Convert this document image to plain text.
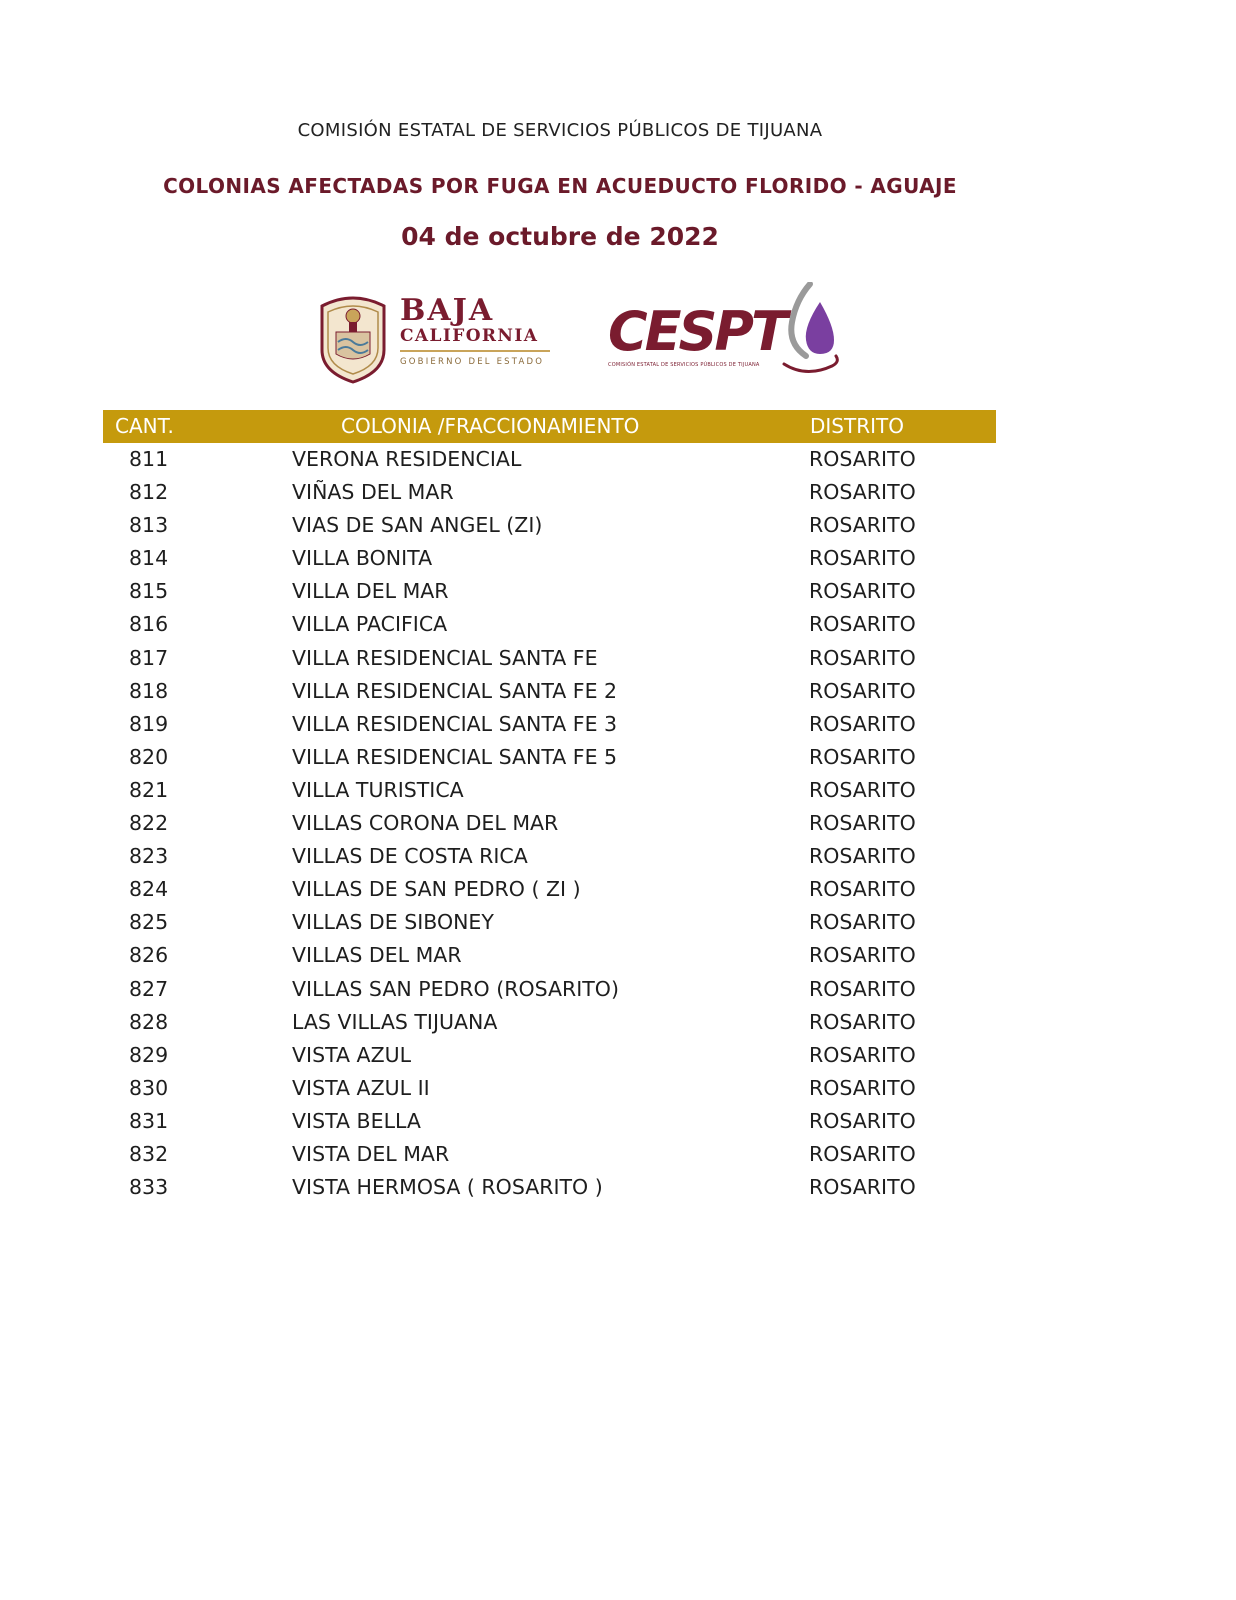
COMISIÓN ESTATAL DE SERVICIOS PÚBLICOS DE TIJUANA
COLONIAS AFECTADAS POR FUGA EN ACUEDUCTO FLORIDO - AGUAJE
04 de octubre de 2022
BAJA
CALIFORNIA
GOBIERNO DEL ESTADO CESPT
COMISIÓN ESTATAL DE SERVICIOS PÚBLICOS DE TIJUANA
CANT.	COLONIA /FRACCIONAMIENTO	DISTRITO
811	VERONA RESIDENCIAL	ROSARITO
812	VIÑAS DEL MAR	ROSARITO
813	VIAS DE SAN ANGEL (ZI)	ROSARITO
814	VILLA BONITA	ROSARITO
815	VILLA DEL MAR	ROSARITO
816	VILLA PACIFICA	ROSARITO
817	VILLA RESIDENCIAL SANTA FE	ROSARITO
818	VILLA RESIDENCIAL SANTA FE 2	ROSARITO
819	VILLA RESIDENCIAL SANTA FE 3	ROSARITO
820	VILLA RESIDENCIAL SANTA FE 5	ROSARITO
821	VILLA TURISTICA	ROSARITO
822	VILLAS CORONA DEL MAR	ROSARITO
823	VILLAS DE COSTA RICA	ROSARITO
824	VILLAS DE SAN PEDRO ( ZI )	ROSARITO
825	VILLAS DE SIBONEY	ROSARITO
826	VILLAS DEL MAR	ROSARITO
827	VILLAS SAN PEDRO (ROSARITO)	ROSARITO
828	LAS VILLAS TIJUANA	ROSARITO
829	VISTA AZUL	ROSARITO
830	VISTA AZUL II	ROSARITO
831	VISTA BELLA	ROSARITO
832	VISTA DEL MAR	ROSARITO
833	VISTA HERMOSA ( ROSARITO )	ROSARITO
